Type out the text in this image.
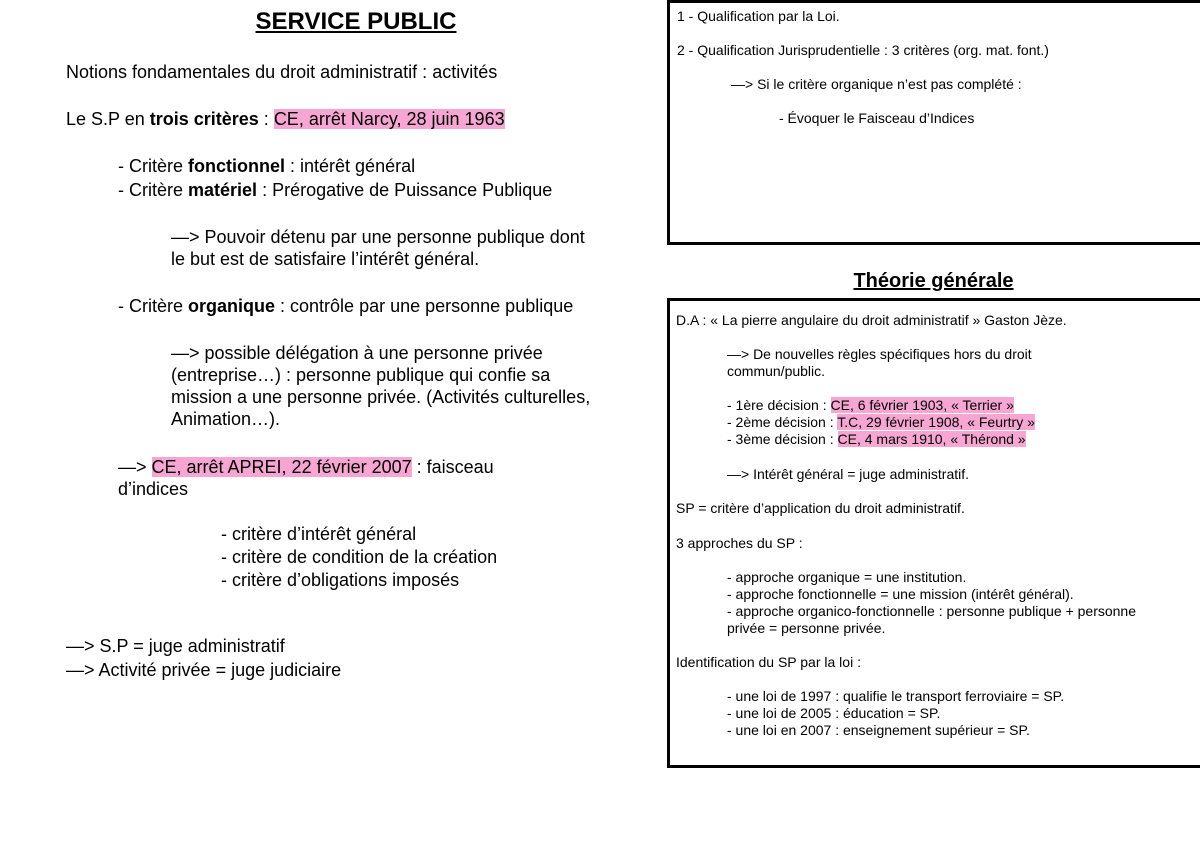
SERVICE PUBLIC
Notions fondamentales du droit administratif : activités
Le S.P en trois critères : CE, arrêt Narcy, 28 juin 1963
- Critère fonctionnel : intérêt général
- Critère matériel : Prérogative de Puissance Publique
—> Pouvoir détenu par une personne publique dont
le but est de satisfaire l’intérêt général.
- Critère organique : contrôle par une personne publique
—> possible délégation à une personne privée
(entreprise…) : personne publique qui confie sa
mission a une personne privée. (Activités culturelles,
Animation…).
—> CE, arrêt APREI, 22 février 2007 : faisceau
d’indices
- critère d’intérêt général
- critère de condition de la création
- critère d’obligations imposés
—> S.P = juge administratif
—> Activité privée = juge judiciaire
1 - Qualification par la Loi.
2 - Qualification Jurisprudentielle : 3 critères (org. mat. font.)
—> Si le critère organique n’est pas complété :
- Évoquer le Faisceau d’Indices
Théorie générale
D.A : « La pierre angulaire du droit administratif » Gaston Jèze.
—> De nouvelles règles spécifiques hors du droit
commun/public.
- 1ère décision : CE, 6 février 1903, « Terrier »
- 2ème décision : T.C, 29 février 1908, « Feurtry »
- 3ème décision : CE, 4 mars 1910, « Thérond »
—> Intérêt général = juge administratif.
SP = critère d’application du droit administratif.
3 approches du SP :
- approche organique = une institution.
- approche fonctionnelle = une mission (intérêt général).
- approche organico-fonctionnelle : personne publique + personne
privée = personne privée.
Identification du SP par la loi :
- une loi de 1997 : qualifie le transport ferroviaire = SP.
- une loi de 2005 : éducation = SP.
- une loi en 2007 : enseignement supérieur = SP.
